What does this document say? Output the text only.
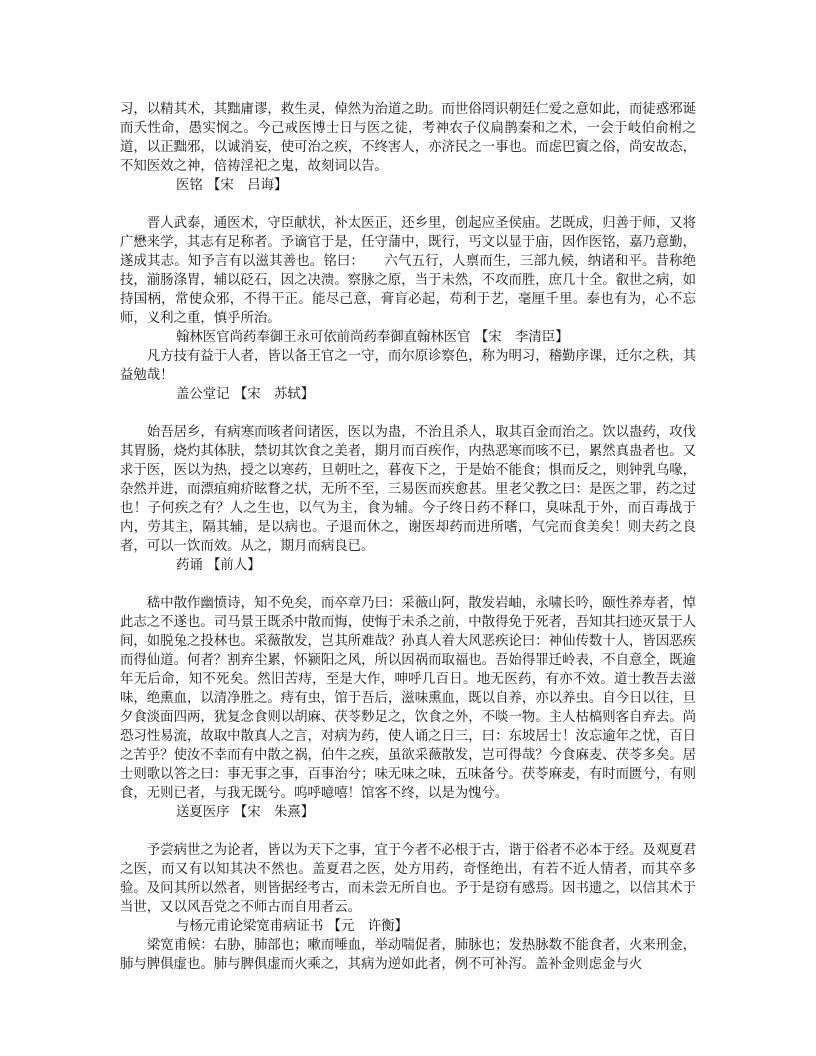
习，以精其术，其黜庸谬，救生灵，倬然为治道之助。而世俗罔识朝廷仁爱之意如此，而徒惑邪诞而夭性命，愚实悯之。今己戒医博士日与医之徒，考神农子仪扁鹊秦和之术，一会于岐伯俞柎之道，以正黜邪，以诚消妄，使可治之疾，不终害人，亦济民之一事也。而虑巴賨之俗，尚安故态，不知医效之神，倍祷淫祀之鬼，故刻词以告。

医铭 【宋　吕诲】

晋人武泰，通医术，守臣献状，补太医正，还乡里，创起应圣侯庙。艺既成，归善于师，又将广懋来学，其志有足称者。予谪官于是，任守蒲中，既行，丐文以显于庙，因作医铭，嘉乃意勤，遂成其志。知予言有以滋其善也。铭曰：　　六气五行，人禀而生，三部九候，纳诸和平。昔称绝技，湔肠涤胃，辅以砭石，因之决溃。察脉之原，当于未然，不攻而胜，庶几十全。叡世之病，如持国柄，常使众邪，不得干正。能尽己意，膏肓必起，苟利于艺，毫厘千里。泰也有为，心不忘师，义利之重，慎乎所治。

翰林医官尚药奉御王永可依前尚药奉御直翰林医官 【宋　李清臣】

凡方技有益于人者，皆以备王官之一守，而尔原诊察色，称为明习，稽勤序课，迁尔之秩，其益勉哉！

盖公堂记 【宋　苏轼】

始吾居乡，有病寒而咳者问诸医，医以为蛊，不治且杀人，取其百金而治之。饮以蛊药，攻伐其胃肠，烧灼其体肤，禁切其饮食之美者，期月而百疾作，内热恶寒而咳不已，累然真蛊者也。又求于医，医以为热，授之以寒药，旦朝吐之，暮夜下之，于是始不能食；惧而反之，则钟乳乌喙，杂然并进，而漂疽痈疥眩瞀之状，无所不至，三易医而疾愈甚。里老父教之曰：是医之罪，药之过也！子何疾之有？人之生也，以气为主，食为辅。今子终日药不释口，臭味乱于外，而百毒战于内，劳其主，隔其辅，是以病也。子退而休之，谢医却药而进所嗜，气完而食美矣！则夫药之良者，可以一饮而效。从之，期月而病良已。

药诵 【前人】

嵇中散作幽愤诗，知不免矣，而卒章乃曰：采薇山阿，散发岩岫，永啸长吟，颐性养寿者，悼此志之不遂也。司马景王既杀中散而悔，使悔于未杀之前，中散得免于死者，吾知其扫迹灭景于人间，如脱兔之投林也。采薇散发，岂其所难哉？孙真人着大风恶疾论曰：神仙传数十人，皆因恶疾而得仙道。何者？割弃尘累，怀颍阳之风，所以因祸而取福也。吾始得罪迁岭表，不自意全，既逾年无后命，知不死矣。然旧苦痔，至是大作，呻呼几百日。地无医药，有亦不效。道士教吾去滋味，绝熏血，以清净胜之。痔有虫，馆于吾后，滋味熏血，既以自养，亦以养虫。自今日以往，旦夕食淡面四两，犹复念食则以胡麻、茯苓麨足之，饮食之外，不啖一物。主人枯槁则客自弃去。尚恐习性易流，故取中散真人之言，对病为药，使人诵之日三，曰：东坡居士！汝忘逾年之忧，百日之苦乎？使汝不幸而有中散之祸，伯牛之疾，虽欲采薇散发，岂可得哉？今食麻麦、茯苓多矣。居士则歌以答之曰：事无事之事，百事治兮；味无味之味，五味备兮。茯苓麻麦，有时而匮兮，有则食，无则已者，与我无既兮。呜呼噫嘻！馆客不终，以是为愧兮。

送夏医序 【宋　朱熹】

予尝病世之为论者，皆以为天下之事，宜于今者不必根于古，谐于俗者不必本于经。及观夏君之医，而又有以知其决不然也。盖夏君之医，处方用药，奇怪绝出，有若不近人情者，而其卒多验。及问其所以然者，则皆据经考古，而未尝无所自也。予于是窃有感焉。因书遗之，以信其术于当世，又以风吾党之不师古而自用者云。

与杨元甫论梁宽甫病证书 【元　许衡】

梁宽甫候：右胁，肺部也；嗽而唾血，举动喘促者，肺脉也；发热脉数不能食者，火来刑金，肺与脾俱虚也。肺与脾俱虚而火乘之，其病为逆如此者，例不可补泻。盖补金则虑金与火
